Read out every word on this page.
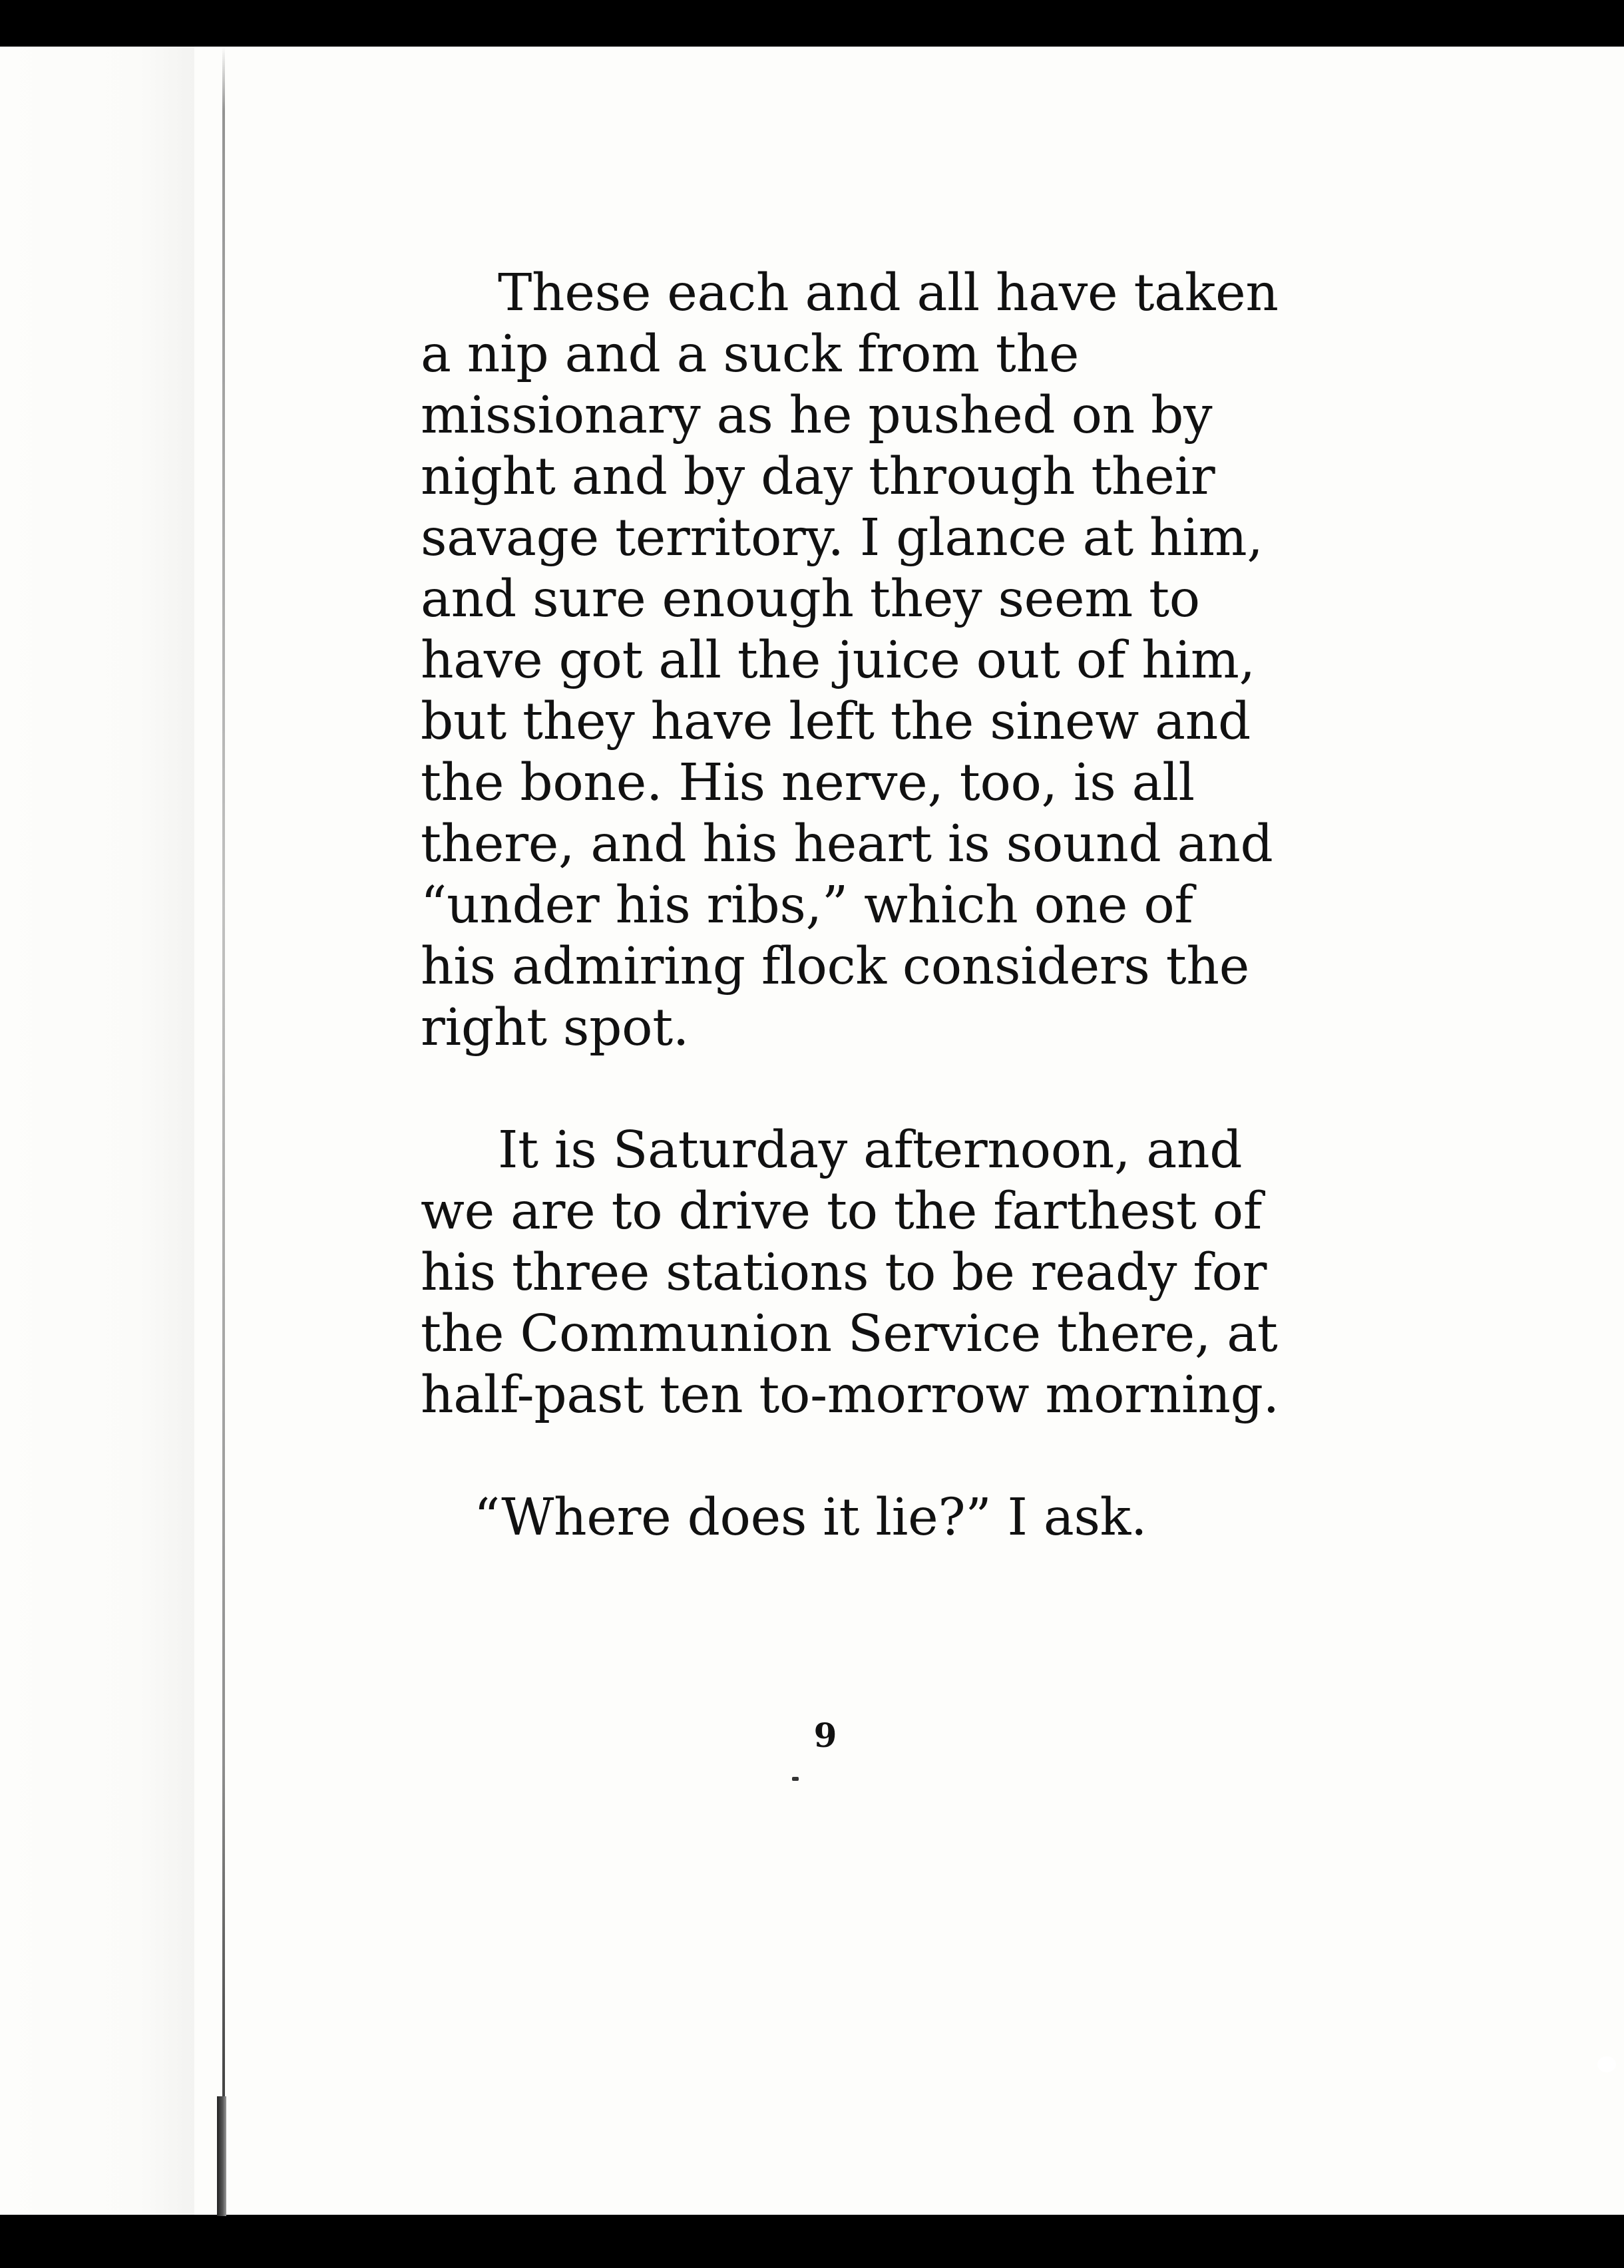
These each and all have taken a nip and a suck from the missionary as he pushed on by night and by day through their savage territory. I glance at him, and sure enough they seem to have got all the juice out of him, but they have left the sinew and the bone. His nerve, too, is all there, and his heart is sound and “under his ribs,” which one of his admiring flock considers the right spot.

It is Saturday afternoon, and we are to drive to the farthest of his three stations to be ready for the Communion Service there, at half-past ten to-morrow morning.

“Where does it lie?” I ask.

9
